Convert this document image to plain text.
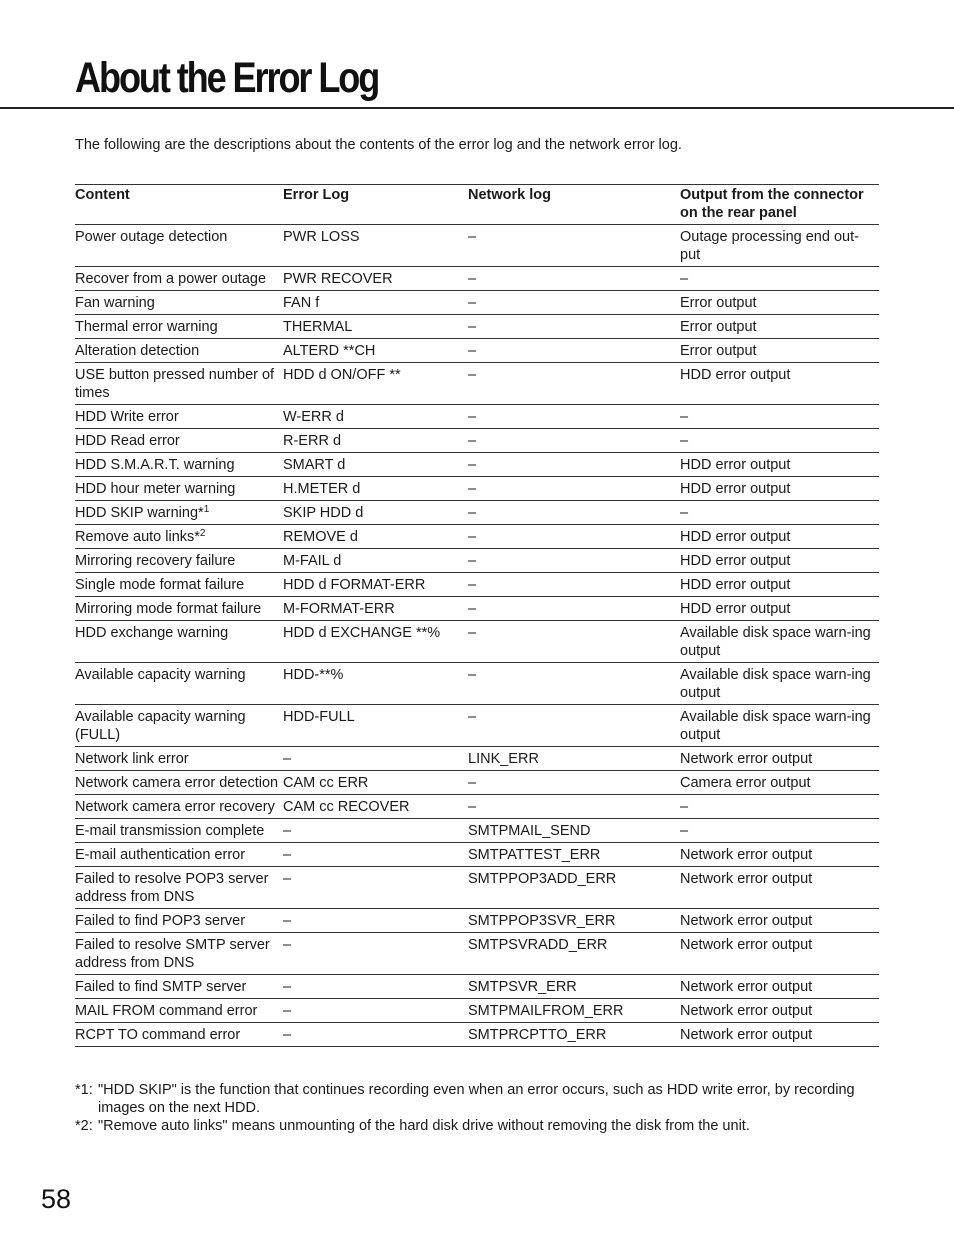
About the Error Log

The following are the descriptions about the contents of the error log and the network error log.

Content	Error Log	Network log	Output from the connector on the rear panel
Power outage detection	PWR LOSS	–	Outage processing end out-put
Recover from a power outage	PWR RECOVER	–	–
Fan warning	FAN f	–	Error output
Thermal error warning	THERMAL	–	Error output
Alteration detection	ALTERD **CH	–	Error output
USE button pressed number of times	HDD d ON/OFF **	–	HDD error output
HDD Write error	W-ERR d	–	–
HDD Read error	R-ERR d	–	–
HDD S.M.A.R.T. warning	SMART d	–	HDD error output
HDD hour meter warning	H.METER d	–	HDD error output
HDD SKIP warning*$^1$	SKIP HDD d	–	–
Remove auto links*$^2$	REMOVE d	–	HDD error output
Mirroring recovery failure	M-FAIL d	–	HDD error output
Single mode format failure	HDD d FORMAT-ERR	–	HDD error output
Mirroring mode format failure	M-FORMAT-ERR	–	HDD error output
HDD exchange warning	HDD d EXCHANGE **%	–	Available disk space warn-ing output
Available capacity warning	HDD-**%	–	Available disk space warn-ing output
Available capacity warning (FULL)	HDD-FULL	–	Available disk space warn-ing output
Network link error	–	LINK_ERR	Network error output
Network camera error detection	CAM cc ERR	–	Camera error output
Network camera error recovery	CAM cc RECOVER	–	–
E-mail transmission complete	–	SMTPMAIL_SEND	–
E-mail authentication error	–	SMTPATTEST_ERR	Network error output
Failed to resolve POP3 server address from DNS	–	SMTPPOP3ADD_ERR	Network error output
Failed to find POP3 server	–	SMTPPOP3SVR_ERR	Network error output
Failed to resolve SMTP server address from DNS	–	SMTPSVRADD_ERR	Network error output
Failed to find SMTP server	–	SMTPSVR_ERR	Network error output
MAIL FROM command error	–	SMTPMAILFROM_ERR	Network error output
RCPT TO command error	–	SMTPRCPTTO_ERR	Network error output
*1: "HDD SKIP" is the function that continues recording even when an error occurs, such as HDD write error, by recording images on the next HDD.
*2: "Remove auto links" means unmounting of the hard disk drive without removing the disk from the unit.
58
